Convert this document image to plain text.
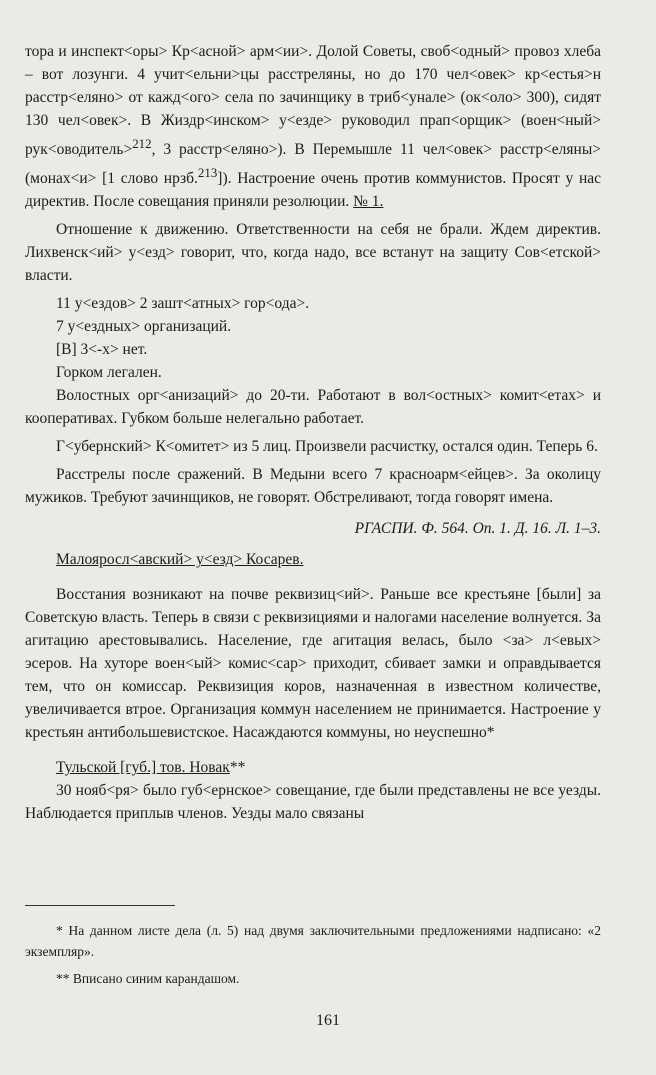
тора и инспект<оры> Кр<асной> арм<ии>. Долой Советы, своб<одный> провоз хлеба – вот лозунги. 4 учит<ельни>цы расстреляны, но до 170 чел<овек> кр<естья>н расстр<еляно> от кажд<ого> села по зачинщику в триб<унале> (ок<оло> 300), сидят 130 чел<овек>. В Жиздр<инском> у<езде> руководил прап<орщик> (воен<ный> рук<оводитель>$^{212}$, 3 расстр<еляно>). В Перемышле 11 чел<овек> расстр<еляны> (монах<и> [1 слово нрзб.$^{213}$]). Настроение очень против коммунистов. Просят у нас директив. После совещания приняли резолюции. № 1.

Отношение к движению. Ответственности на себя не брали. Ждем директив. Лихвенск<ий> у<езд> говорит, что, когда надо, все встанут на защиту Сов<етской> власти.

11 у<ездов> 2 зашт<атных> гор<ода>.

7 у<ездных> организаций.

[В] 3<-х> нет.

Горком легален.

Волостных орг<анизаций> до 20-ти. Работают в вол<остных> комит<етах> и кооперативах. Губком больше нелегально работает.

Г<убернский> К<омитет> из 5 лиц. Произвели расчистку, остался один. Теперь 6.

Расстрелы после сражений. В Медыни всего 7 красноарм<ейцев>. За околицу мужиков. Требуют зачинщиков, не говорят. Обстреливают, тогда говорят имена.

РГАСПИ. Ф. 564. Оп. 1. Д. 16. Л. 1–3.

Малояросл<авский> у<езд> Косарев.

Восстания возникают на почве реквизиц<ий>. Раньше все крестьяне [были] за Советскую власть. Теперь в связи с реквизициями и налогами население волнуется. За агитацию арестовывались. Население, где агитация велась, было <за> л<евых> эсеров. На хуторе воен<ый> комис<сар> приходит, сбивает замки и оправдывается тем, что он комиссар. Реквизиция коров, назначенная в известном количестве, увеличивается втрое. Организация коммун населением не принимается. Настроение у крестьян антибольшевистское. Насаждаются коммуны, но неуспешно*

Тульской [губ.] тов. Новак**

30 нояб<ря> было губ<ернское> совещание, где были представлены не все уезды. Наблюдается приплыв членов. Уезды мало связаны

* На данном листе дела (л. 5) над двумя заключительными предложениями надписано: «2 экземпляр».

** Вписано синим карандашом.

161
